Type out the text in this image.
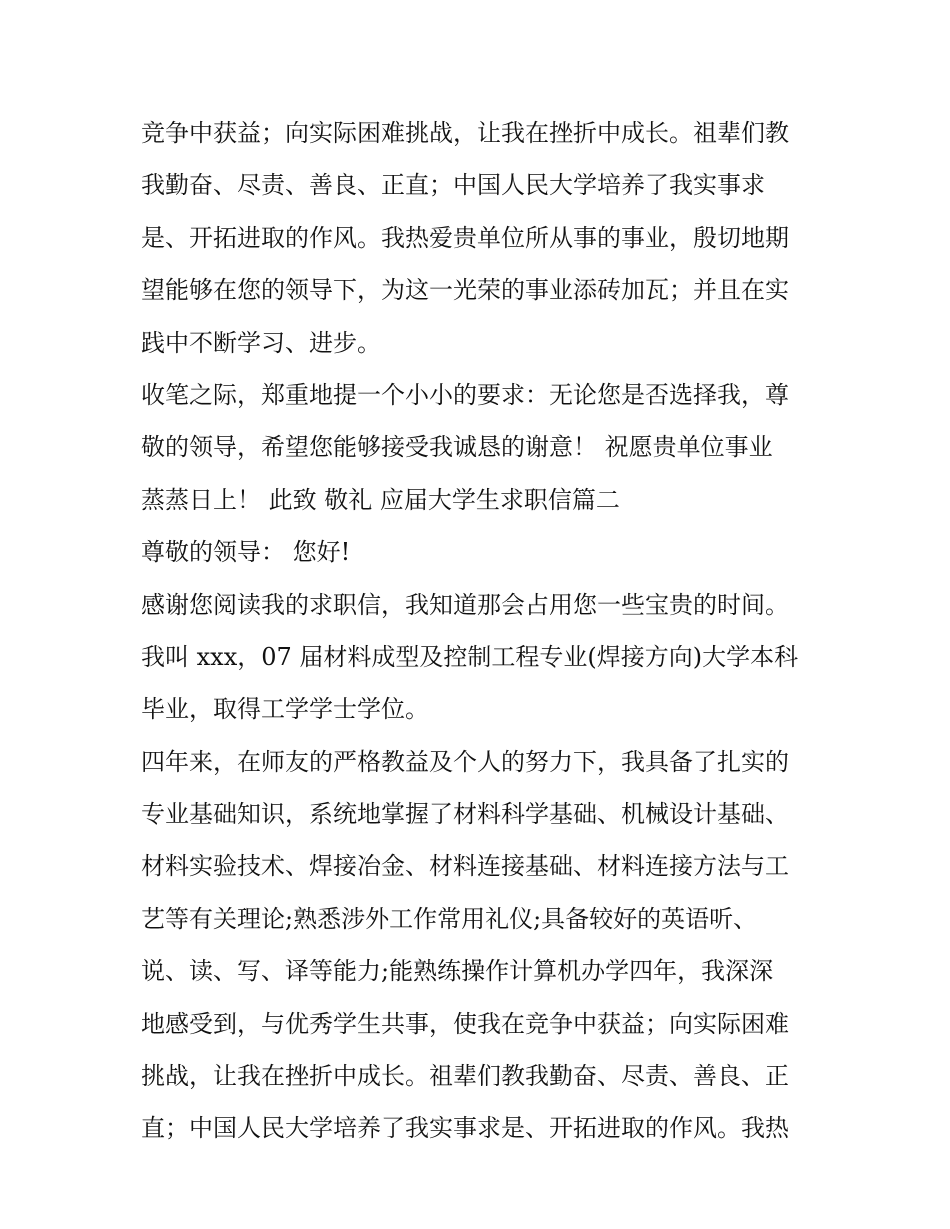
竞争中获益；向实际困难挑战，让我在挫折中成长。祖辈们教
我勤奋、尽责、善良、正直；中国人民大学培养了我实事求
是、开拓进取的作风。我热爱贵单位所从事的事业，殷切地期
望能够在您的领导下，为这一光荣的事业添砖加瓦；并且在实
践中不断学习、进步。
收笔之际，郑重地提一个小小的要求：无论您是否选择我，尊
敬的领导，希望您能够接受我诚恳的谢意！ 祝愿贵单位事业
蒸蒸日上！ 此致 敬礼 应届大学生求职信篇二
尊敬的领导： 您好!
感谢您阅读我的求职信，我知道那会占用您一些宝贵的时间。
我叫 xxx，07 届材料成型及控制工程专业(焊接方向)大学本科
毕业，取得工学学士学位。
四年来，在师友的严格教益及个人的努力下，我具备了扎实的
专业基础知识，系统地掌握了材料科学基础、机械设计基础、
材料实验技术、焊接冶金、材料连接基础、材料连接方法与工
艺等有关理论;熟悉涉外工作常用礼仪;具备较好的英语听、
说、读、写、译等能力;能熟练操作计算机办学四年，我深深
地感受到，与优秀学生共事，使我在竞争中获益；向实际困难
挑战，让我在挫折中成长。祖辈们教我勤奋、尽责、善良、正
直；中国人民大学培养了我实事求是、开拓进取的作风。我热
